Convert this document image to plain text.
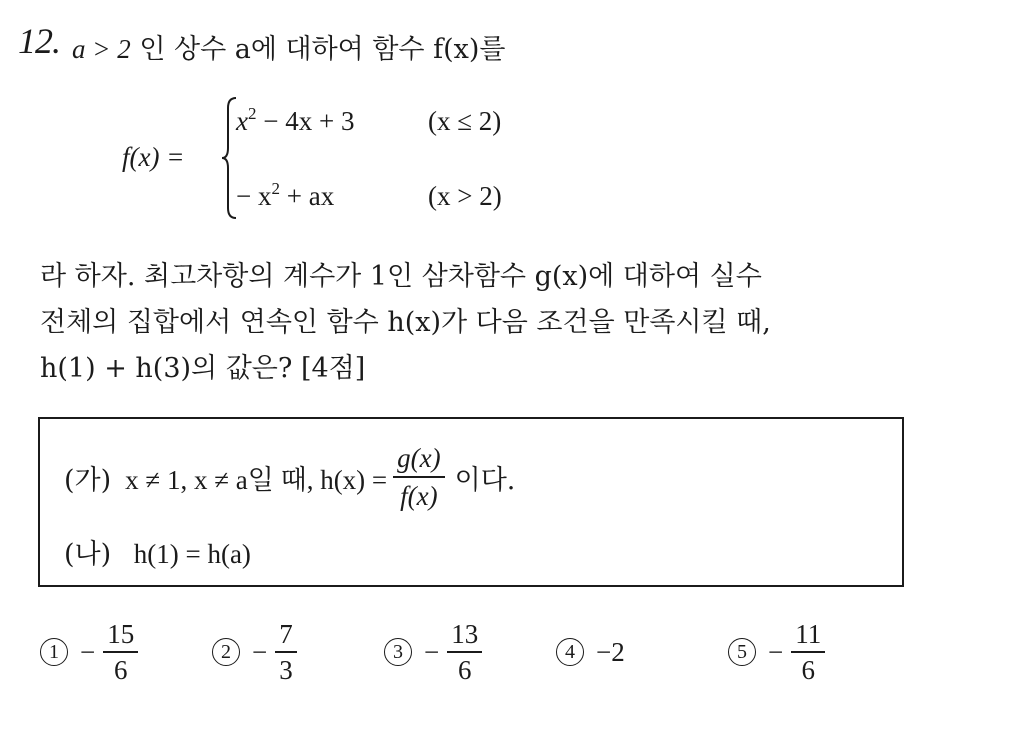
12. a > 2 인 상수 a에 대하여 함수 f(x)를
f(x) =
$x^2 - 4x + 3$	(x ≤ 2)
− $x^2$ + ax	(x > 2)
라 하자. 최고차항의 계수가 1인 삼차함수 g(x)에 대하여 실수
전체의 집합에서 연속인 함수 h(x)가 다음 조건을 만족시킬 때,
h(1) + h(3)의 값은? [4점]
(가) x ≠ 1, x ≠ a일 때, $h(x) = \frac{g(x)}{f(x)}$ 이다.
(나) h(1) = h(a)
$1 - \frac{15}{6}$	$2 - \frac{7}{3}$	$3 - \frac{13}{6}$	4 −2	$5 - \frac{11}{6}$
